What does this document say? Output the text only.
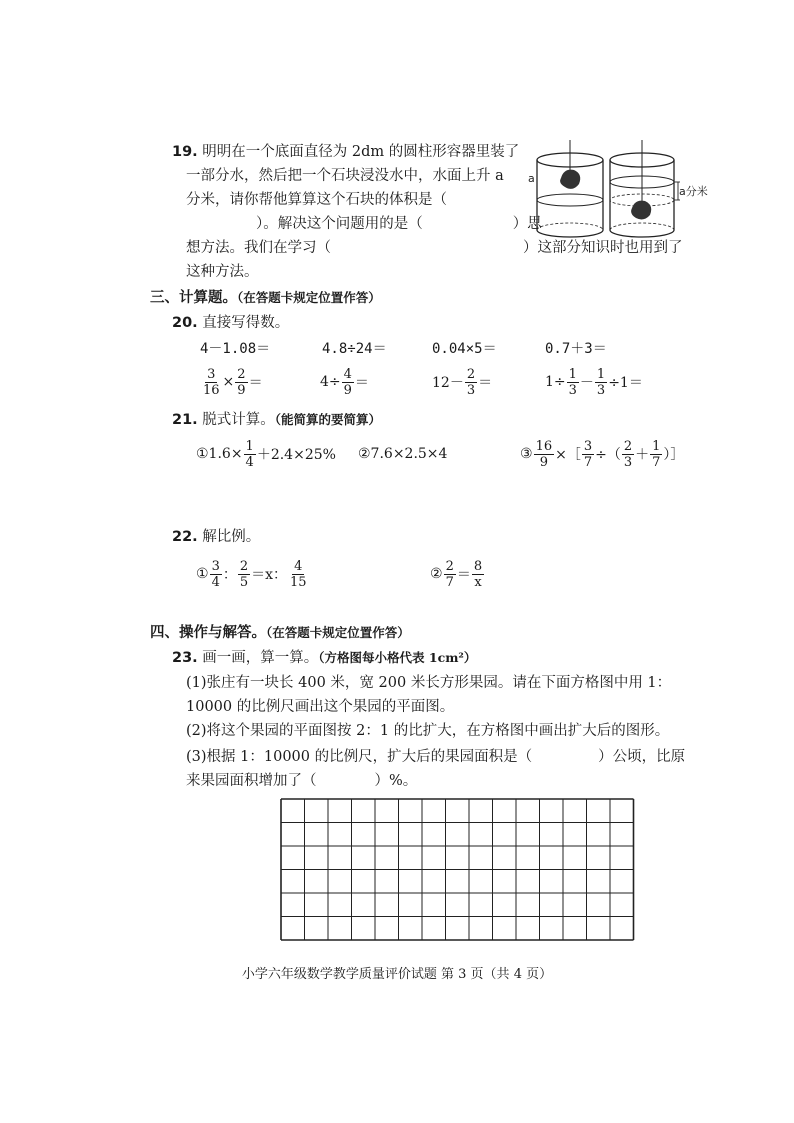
19. 明明在一个底面直径为 2dm 的圆柱形容器里装了
一部分水，然后把一个石块浸没水中，水面上升 a
分米，请你帮他算算这个石块的体积是（
）。解决这个问题用的是（	）思
想方法。我们在学习（	）这部分知识时也用到了
这种方法。
a
a分米
三、计算题。（在答题卡规定位置作答）
20. 直接写得数。
4－1.08＝	4.8÷24＝	0.04×5＝	0.7＋3＝
$\frac{3}{16} \times \frac{2}{9}$ ＝	$4\div \frac{4}{9}$ ＝	$12- \frac{2}{3}$ ＝	$1\div \frac{1}{3} - \frac{1}{3} \div 1=$
21. 脱式计算。（能简算的要简算）
①1.6× $\frac{1}{4} +2.4\times 25\%$ ②7.6×2.5×4	③ $\frac{16}{9}$ ×［ $\frac{3}{7}$ ÷（ $\frac{2}{3} + \frac{1}{7}$ ）］
22. 解比例。
① $\frac{3}{4}$ ： $\frac{2}{5} =x$： $\frac{4}{15}$	② $\frac{2}{7} = \frac{8}{x}$
四、操作与解答。（在答题卡规定位置作答）
23. 画一画，算一算。（方格图每小格代表 1cm²）
(1)张庄有一块长 400 米，宽 200 米长方形果园。请在下面方格图中用 1：
10000 的比例尺画出这个果园的平面图。
(2)将这个果园的平面图按 2：1 的比扩大，在方格图中画出扩大后的图形。
(3)根据 1：10000 的比例尺，扩大后的果园面积是（	）公顷，比原
来果园面积增加了（	）%。
小学六年级数学教学质量评价试题 第 3 页（共 4 页）
